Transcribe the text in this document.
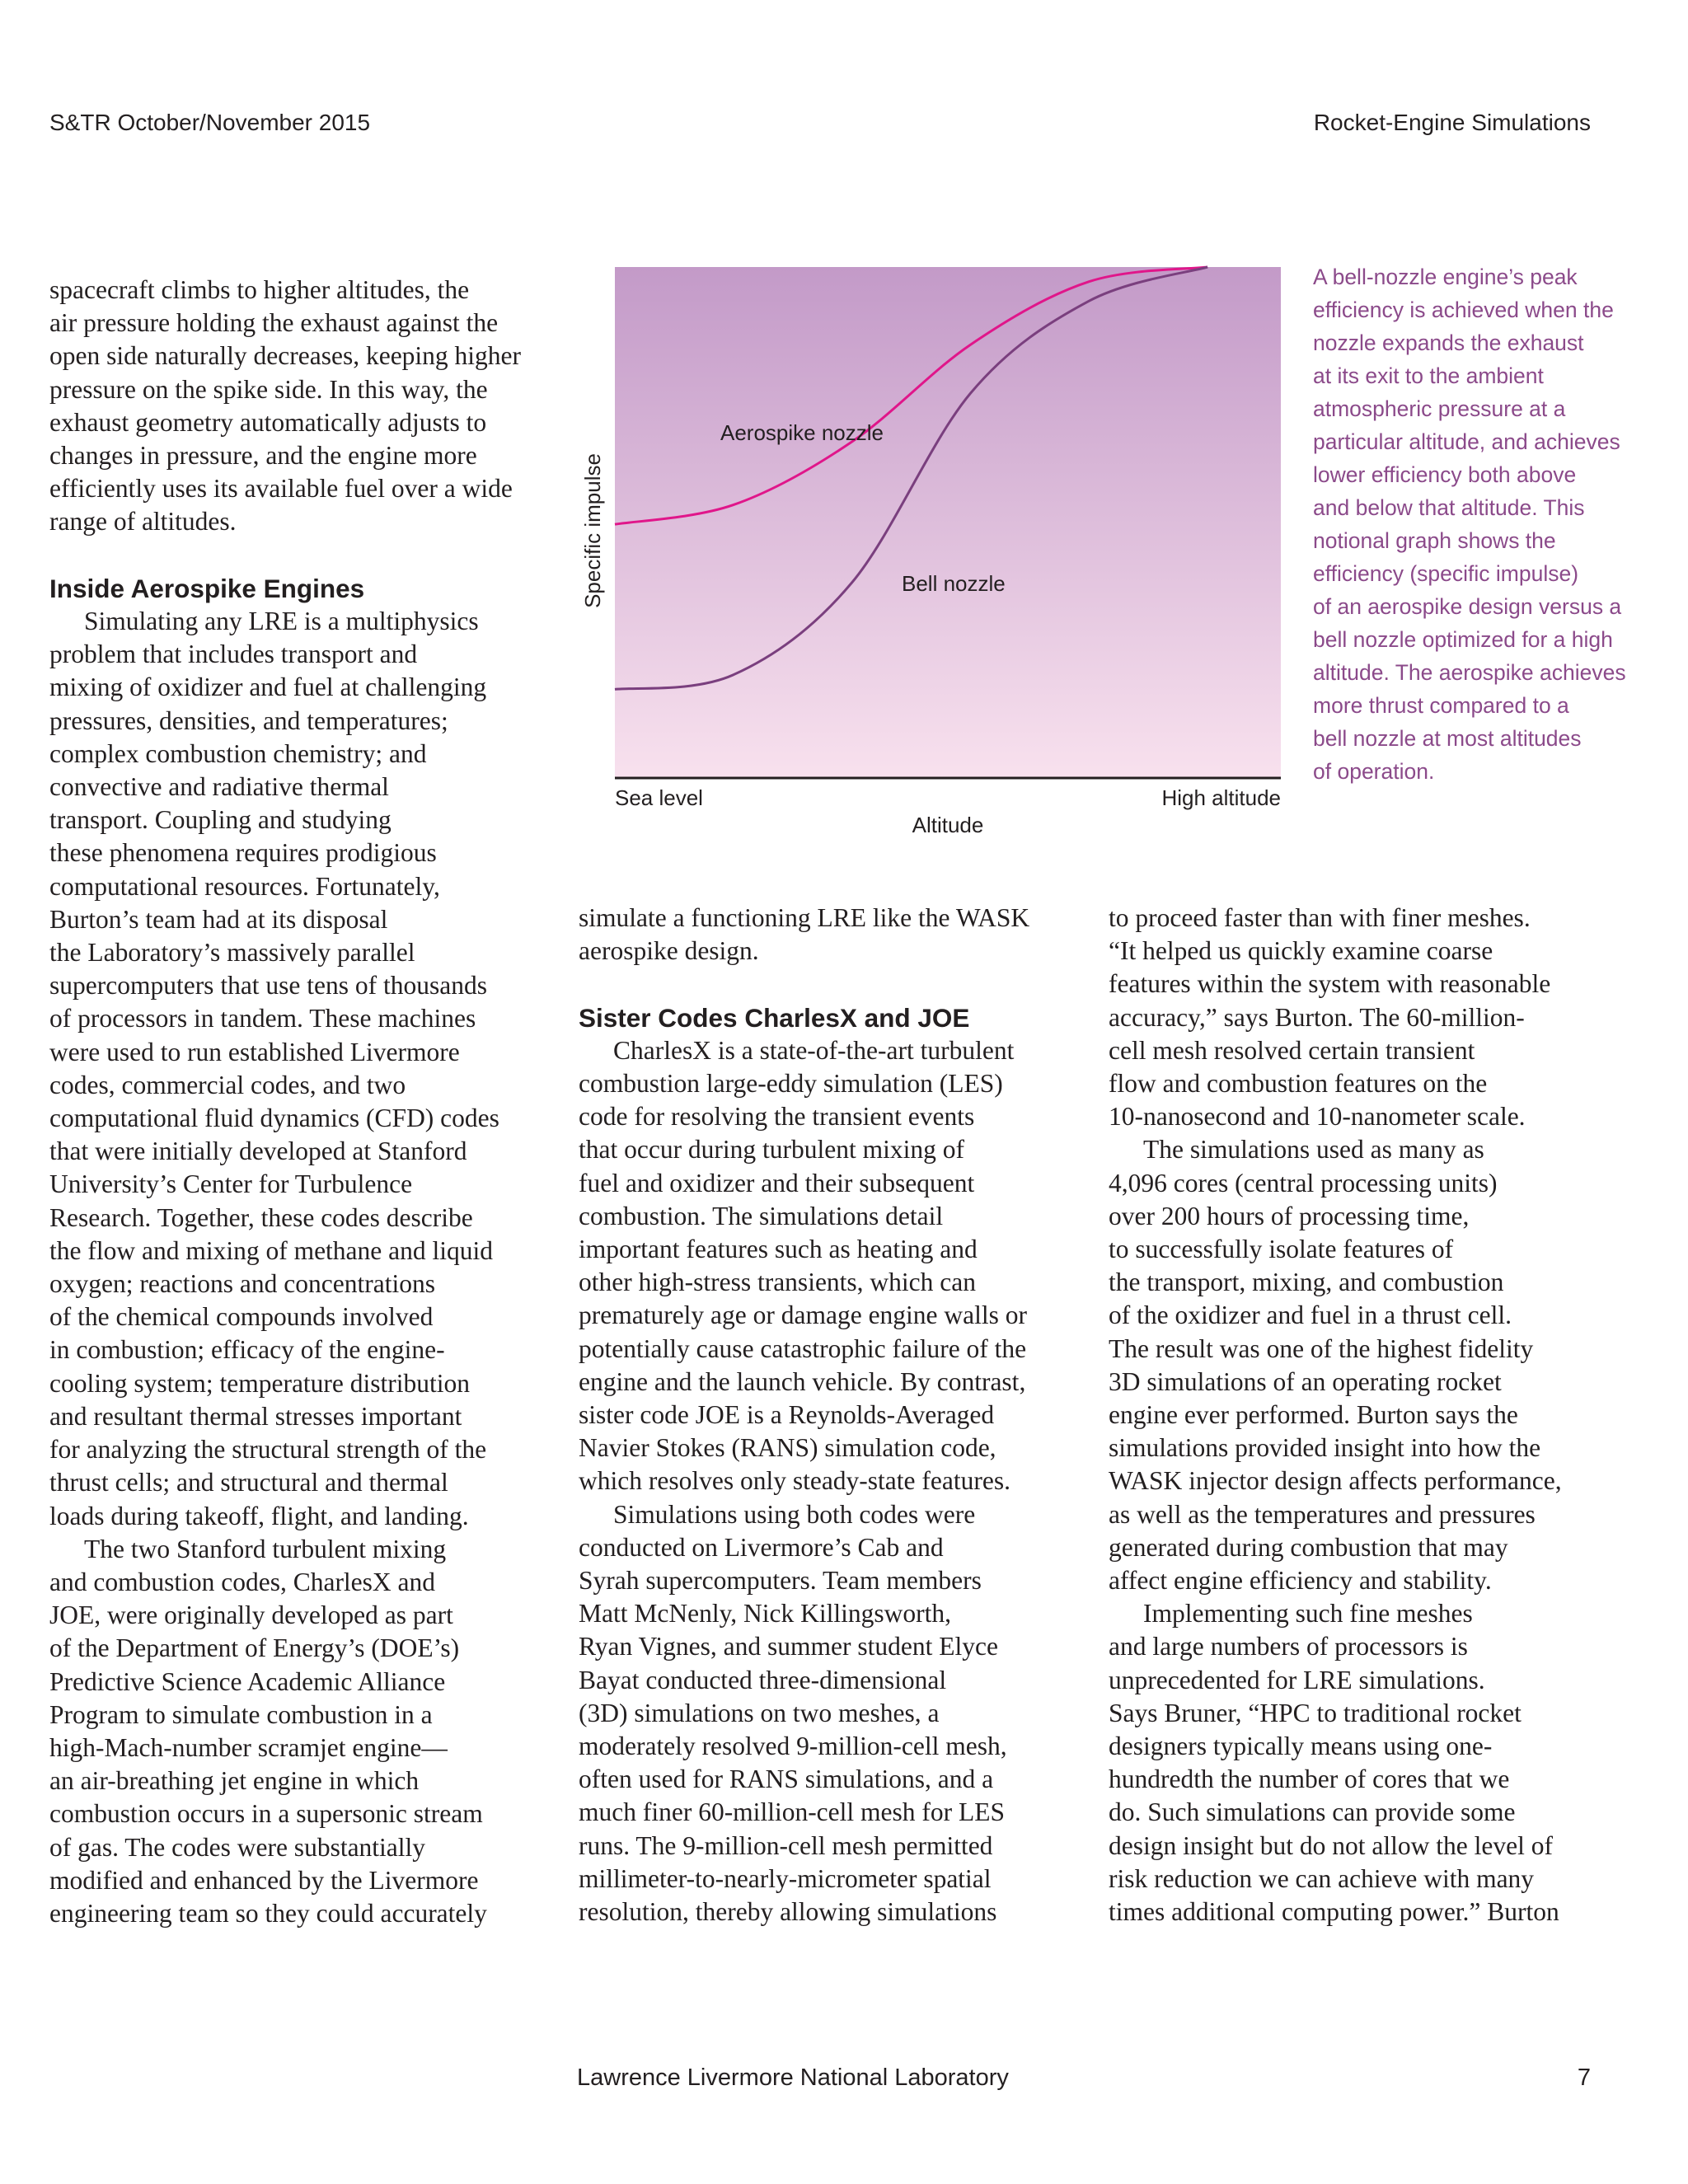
S&TR October/November 2015	Rocket-Engine Simulations
spacecraft climbs to higher altitudes, the
air pressure holding the exhaust against the
open side naturally decreases, keeping higher
pressure on the spike side. In this way, the
exhaust geometry automatically adjusts to
changes in pressure, and the engine more
efficiently uses its available fuel over a wide
range of altitudes.
Inside Aerospike Engines
Simulating any LRE is a multiphysics
problem that includes transport and
mixing of oxidizer and fuel at challenging
pressures, densities, and temperatures;
complex combustion chemistry; and
convective and radiative thermal
transport. Coupling and studying
these phenomena requires prodigious
computational resources. Fortunately,
Burton’s team had at its disposal
the Laboratory’s massively parallel
supercomputers that use tens of thousands
of processors in tandem. These machines
were used to run established Livermore
codes, commercial codes, and two
computational fluid dynamics (CFD) codes
that were initially developed at Stanford
University’s Center for Turbulence
Research. Together, these codes describe
the flow and mixing of methane and liquid
oxygen; reactions and concentrations
of the chemical compounds involved
in combustion; efficacy of the engine-
cooling system; temperature distribution
and resultant thermal stresses important
for analyzing the structural strength of the
thrust cells; and structural and thermal
loads during takeoff, flight, and landing.
The two Stanford turbulent mixing
and combustion codes, CharlesX and
JOE, were originally developed as part
of the Department of Energy’s (DOE’s)
Predictive Science Academic Alliance
Program to simulate combustion in a
high-Mach-number scramjet engine—
an air-breathing jet engine in which
combustion occurs in a supersonic stream
of gas. The codes were substantially
modified and enhanced by the Livermore
engineering team so they could accurately
Sea level	High altitude
Altitude
Specific impulse
Aerospike nozzle
Bell nozzle
A bell-nozzle engine’s peak
efficiency is achieved when the
nozzle expands the exhaust
at its exit to the ambient
atmospheric pressure at a
particular altitude, and achieves
lower efficiency both above
and below that altitude. This
notional graph shows the
efficiency (specific impulse)
of an aerospike design versus a
bell nozzle optimized for a high
altitude. The aerospike achieves
more thrust compared to a
bell nozzle at most altitudes
of operation.
simulate a functioning LRE like the WASK
aerospike design.
Sister Codes CharlesX and JOE
CharlesX is a state-of-the-art turbulent
combustion large-eddy simulation (LES)
code for resolving the transient events
that occur during turbulent mixing of
fuel and oxidizer and their subsequent
combustion. The simulations detail
important features such as heating and
other high-stress transients, which can
prematurely age or damage engine walls or
potentially cause catastrophic failure of the
engine and the launch vehicle. By contrast,
sister code JOE is a Reynolds-Averaged
Navier Stokes (RANS) simulation code,
which resolves only steady-state features.
Simulations using both codes were
conducted on Livermore’s Cab and
Syrah supercomputers. Team members
Matt McNenly, Nick Killingsworth,
Ryan Vignes, and summer student Elyce
Bayat conducted three-dimensional
(3D) simulations on two meshes, a
moderately resolved 9-million-cell mesh,
often used for RANS simulations, and a
much finer 60-million-cell mesh for LES
runs. The 9-million-cell mesh permitted
millimeter-to-nearly-micrometer spatial
resolution, thereby allowing simulations
to proceed faster than with finer meshes.
“It helped us quickly examine coarse
features within the system with reasonable
accuracy,” says Burton. The 60-million-
cell mesh resolved certain transient
flow and combustion features on the
10-nanosecond and 10-nanometer scale.
The simulations used as many as
4,096 cores (central processing units)
over 200 hours of processing time,
to successfully isolate features of
the transport, mixing, and combustion
of the oxidizer and fuel in a thrust cell.
The result was one of the highest fidelity
3D simulations of an operating rocket
engine ever performed. Burton says the
simulations provided insight into how the
WASK injector design affects performance,
as well as the temperatures and pressures
generated during combustion that may
affect engine efficiency and stability.
Implementing such fine meshes
and large numbers of processors is
unprecedented for LRE simulations.
Says Bruner, “HPC to traditional rocket
designers typically means using one-
hundredth the number of cores that we
do. Such simulations can provide some
design insight but do not allow the level of
risk reduction we can achieve with many
times additional computing power.” Burton
Lawrence Livermore National Laboratory	7
